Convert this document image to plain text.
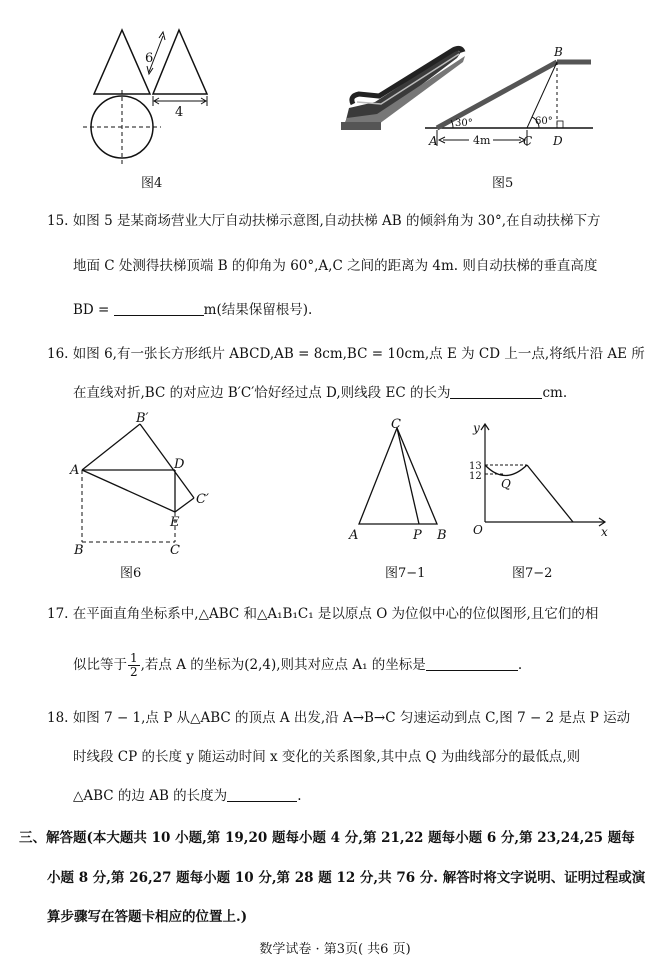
6
4
图4
30°	60°
4m
A	C D
B
图5
15. 如图 5 是某商场营业大厅自动扶梯示意图,自动扶梯 AB 的倾斜角为 30°,在自动扶梯下方
地面 C 处测得扶梯顶端 B 的仰角为 60°,A,C 之间的距离为 4m. 则自动扶梯的垂直高度
BD =	m(结果保留根号).
16. 如图 6,有一张长方形纸片 ABCD,AB = 8cm,BC = 10cm,点 E 为 CD 上一点,将纸片沿 AE 所
在直线对折,BC 的对应边 B′C′恰好经过点 D,则线段 EC 的长为	cm.
A
B′
D
C′
E
B	C
图6
C
A	P B
图7−1
y
x
O
13
12
Q
图7−2
17. 在平面直角坐标系中,△ABC 和△A₁B₁C₁ 是以原点 O 为位似中心的位似图形,且它们的相
似比等于 $\frac{1}{2}$ ,若点 A 的坐标为(2,4),则其对应点 A₁ 的坐标是	.
18. 如图 7 − 1,点 P 从△ABC 的顶点 A 出发,沿 A→B→C 匀速运动到点 C,图 7 − 2 是点 P 运动
时线段 CP 的长度 y 随运动时间 x 变化的关系图象,其中点 Q 为曲线部分的最低点,则
△ABC 的边 AB 的长度为	.
三、解答题(本大题共 10 小题,第 19,20 题每小题 4 分,第 21,22 题每小题 6 分,第 23,24,25 题每
小题 8 分,第 26,27 题每小题 10 分,第 28 题 12 分,共 76 分. 解答时将文字说明、证明过程或演
算步骤写在答题卡相应的位置上.)
数学试卷 · 第3页( 共6 页)
